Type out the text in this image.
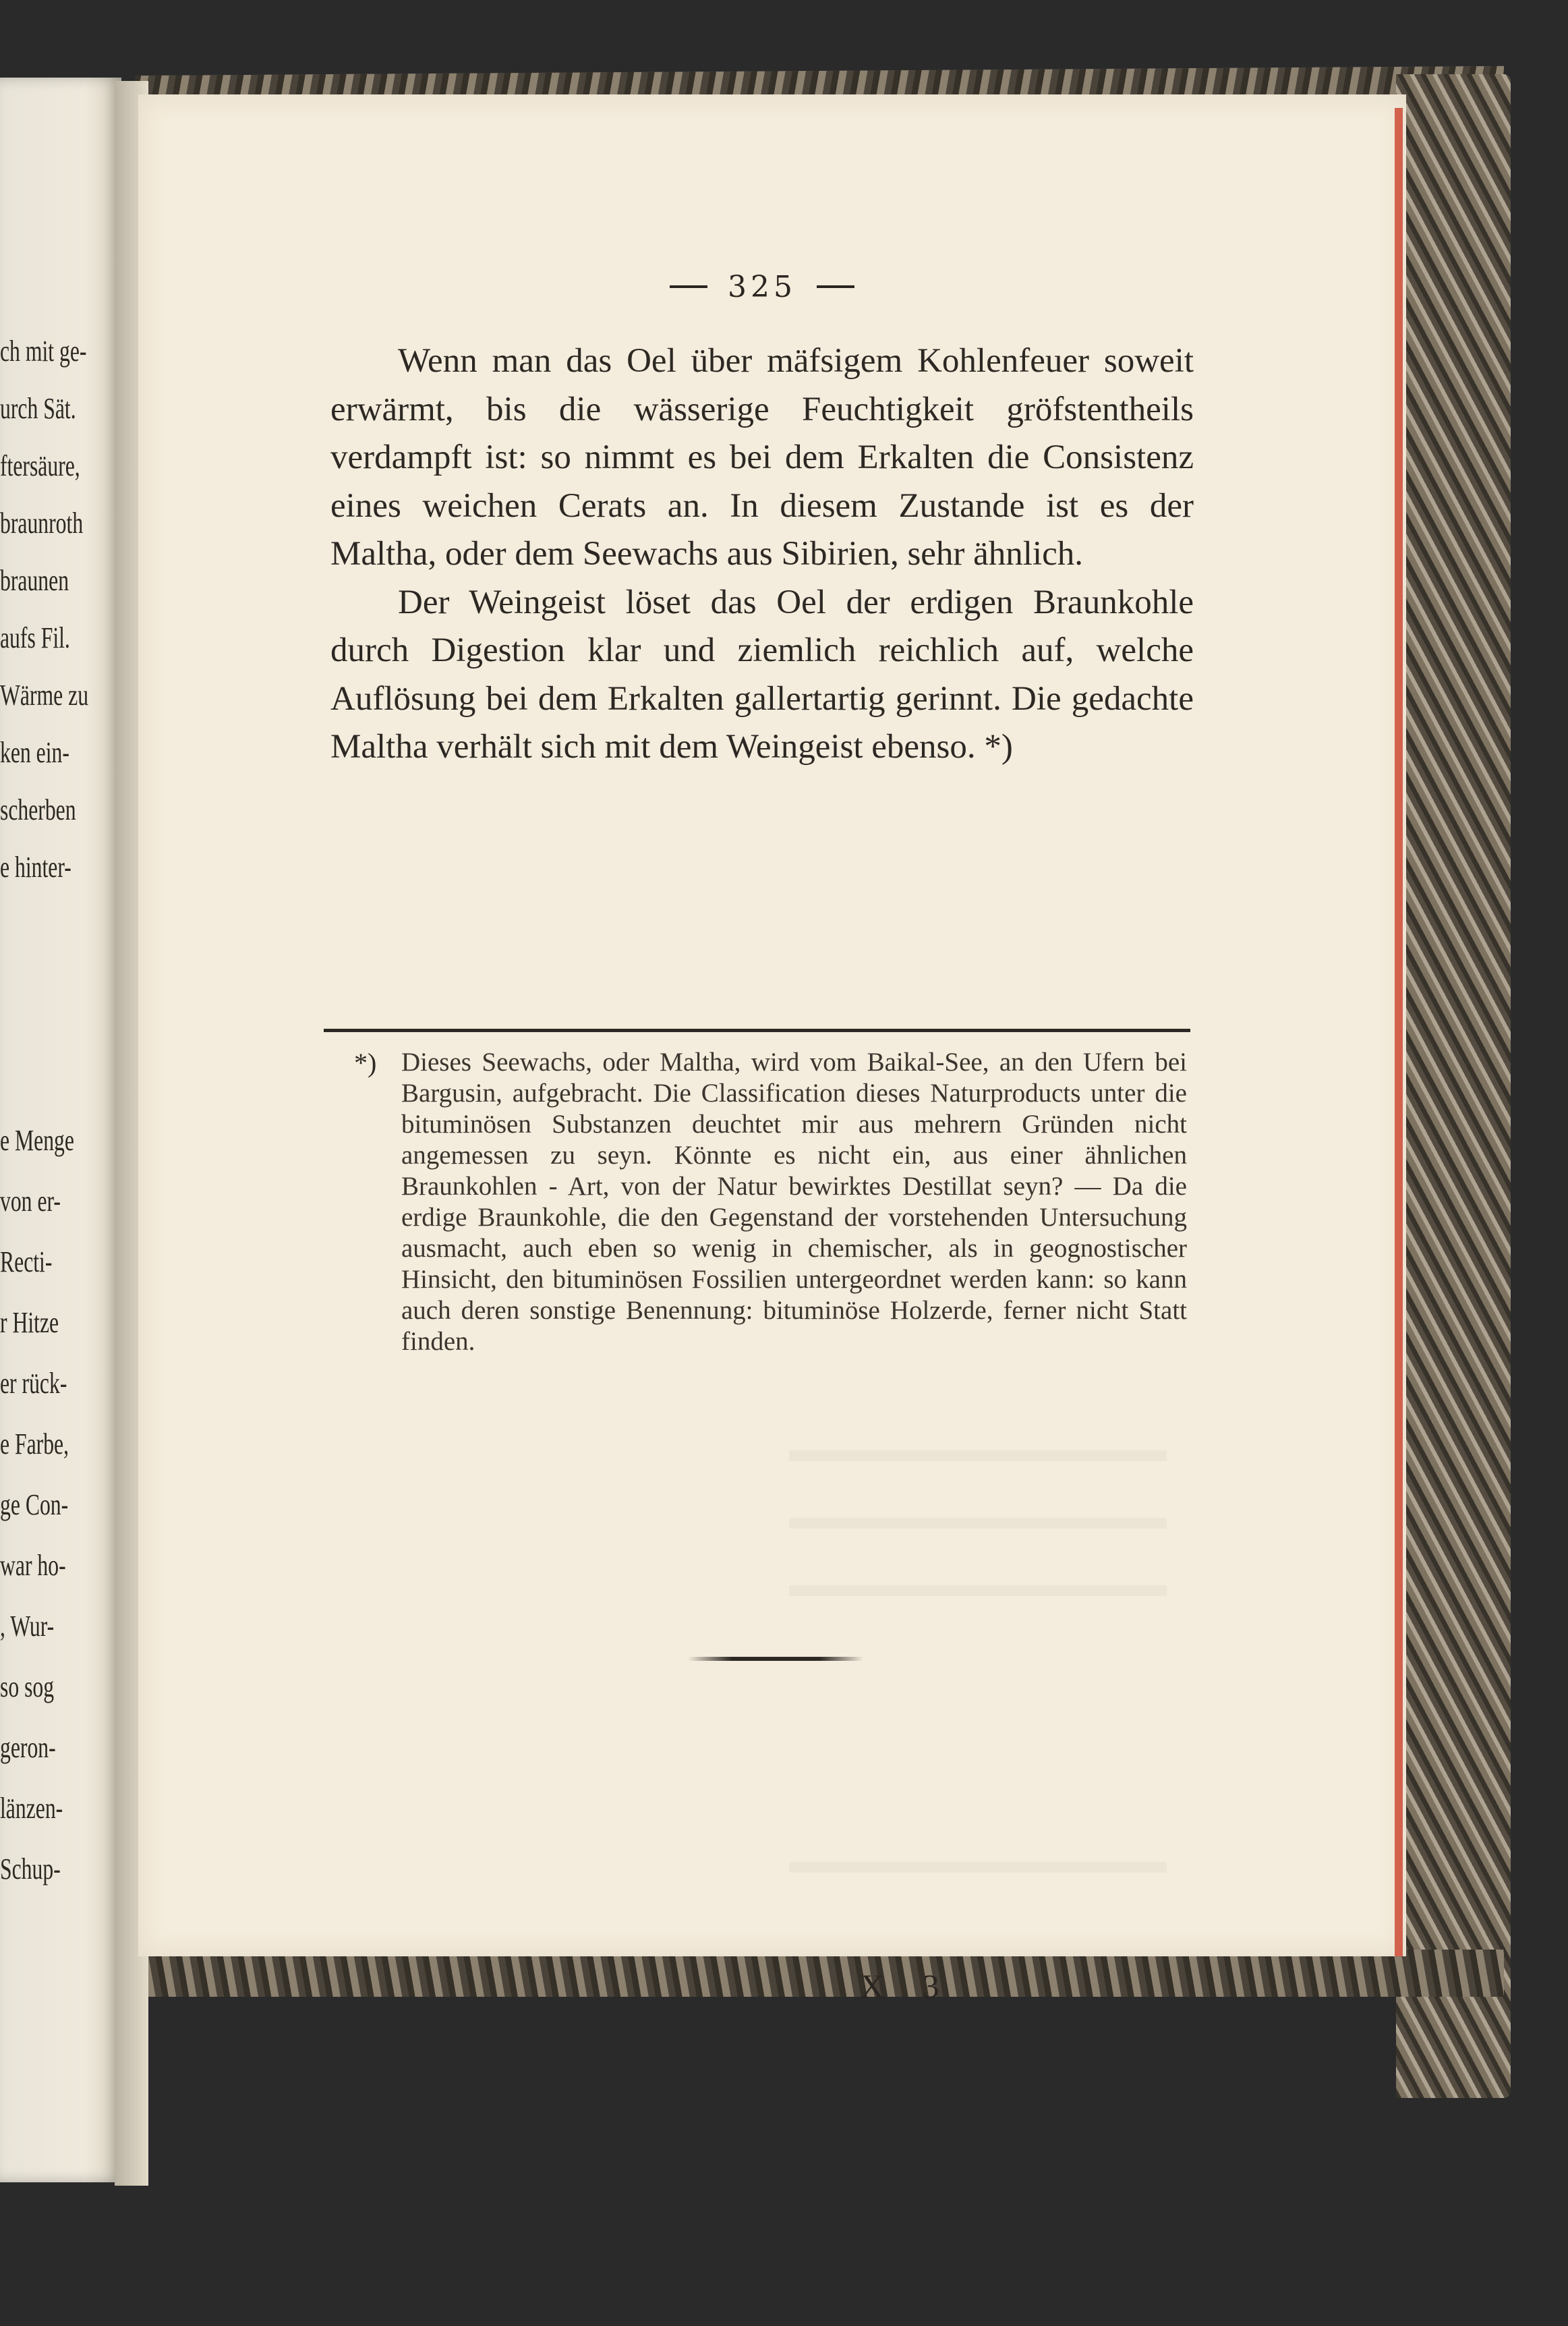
ch mit ge-
urch Sät.
ftersäure,
braunroth
braunen
aufs Fil.
Wärme zu
ken ein-
scherben
e hinter-
e Menge
von er-
Recti-
r Hitze
er rück-
e Farbe,
ge Con-
war ho-
, Wur-
so sog
geron-
länzen-
Schup-
325

Wenn man das Oel über mäfsigem Kohlenfeuer soweit erwärmt, bis die wässerige Feuchtigkeit gröfstentheils verdampft ist: so nimmt es bei dem Erkalten die Consistenz eines weichen Cerats an. In diesem Zustande ist es der Maltha, oder dem Seewachs aus Sibirien, sehr ähnlich.

Der Weingeist löset das Oel der erdigen Braunkohle durch Digestion klar und ziemlich reichlich auf, welche Auflösung bei dem Erkalten gallertartig gerinnt. Die gedachte Maltha verhält sich mit dem Weingeist ebenso. *)

*) Dieses Seewachs, oder Maltha, wird vom Baikal-See, an den Ufern bei Bargusin, aufgebracht. Die Classification dieses Naturproducts unter die bituminösen Substanzen deuchtet mir aus mehrern Gründen nicht angemessen zu seyn. Könnte es nicht ein, aus einer ähnlichen Braunkohlen - Art, von der Natur bewirktes Destillat seyn? — Da die erdige Braunkohle, die den Gegenstand der vorstehenden Untersuchung ausmacht, auch eben so wenig in chemischer, als in geognostischer Hinsicht, den bituminösen Fossilien untergeordnet werden kann: so kann auch deren sonstige Benennung: bituminöse Holzerde, ferner nicht Statt finden.
X 3
